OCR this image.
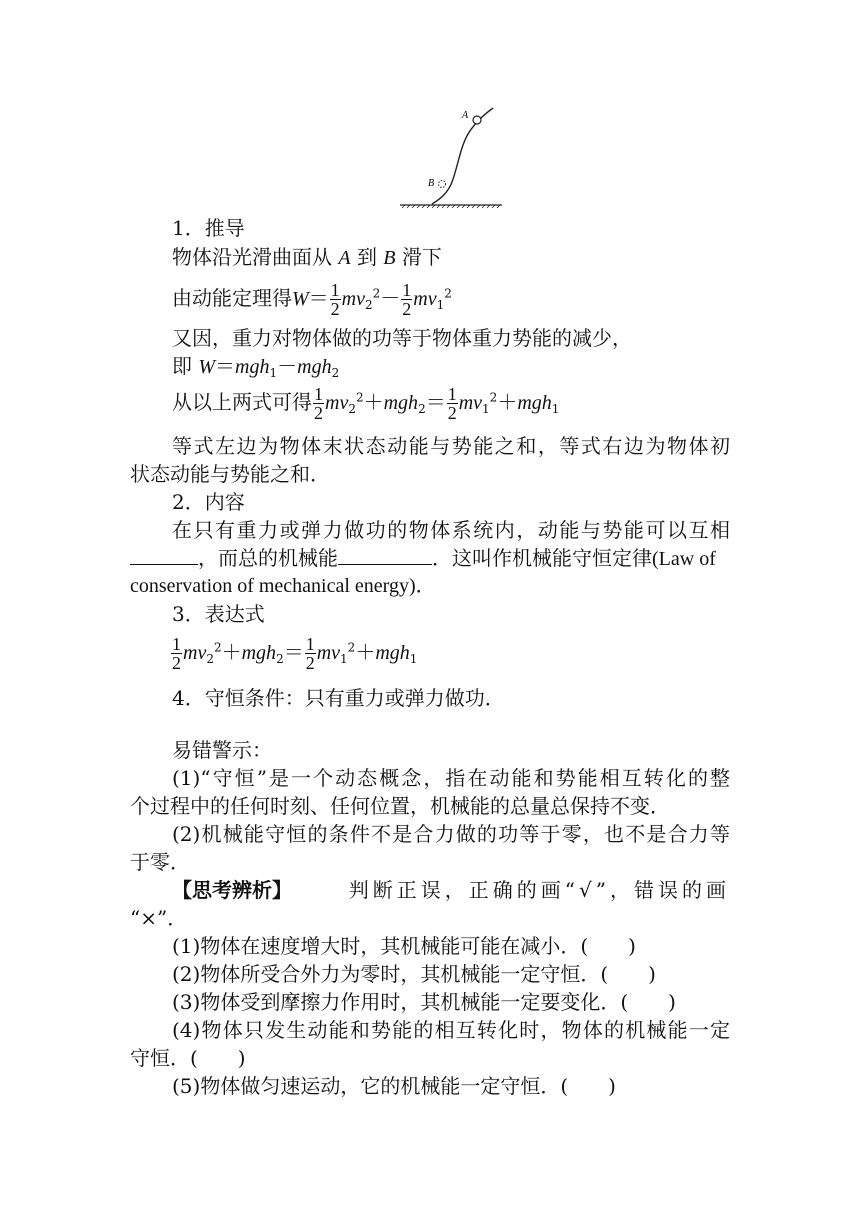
A
B
1．推导
物体沿光滑曲面从 A 到 B 滑下
由动能定理得$W= \frac{1}{2} mv_2^2- \frac{1}{2} mv_1^2$
又因，重力对物体做的功等于物体重力势能的减少，
即 W＝mgh$_1$－mgh$_2$
从以上两式可得 $\frac{1}{2} mv_2^2+mgh_2= \frac{1}{2} mv_1^2+mgh_1$
等式左边为物体末状态动能与势能之和，等式右边为物体初
状态动能与势能之和．
2．内容
在只有重力或弹力做功的物体系统内，动能与势能可以互相
，而总的机械能	．这叫作机械能守恒定律(Law of
conservation of mechanical energy)．
3．表达式
$\frac{1}{2} mv_2^2+mgh_2= \frac{1}{2} mv_1^2+mgh_1$
4．守恒条件：只有重力或弹力做功．
易错警示：
(1)“守恒”是一个动态概念，指在动能和势能相互转化的整
个过程中的任何时刻、任何位置，机械能的总量总保持不变．
(2)机械能守恒的条件不是合力做的功等于零，也不是合力等
于零．
【思考辨析】	判断正误，正确的画“√”，错误的画
“×”．
(1)物体在速度增大时，其机械能可能在减小．(　　)
(2)物体所受合外力为零时，其机械能一定守恒．(　　)
(3)物体受到摩擦力作用时，其机械能一定要变化．(　　)
(4)物体只发生动能和势能的相互转化时，物体的机械能一定
守恒．(　　)
(5)物体做匀速运动，它的机械能一定守恒．(　　)
